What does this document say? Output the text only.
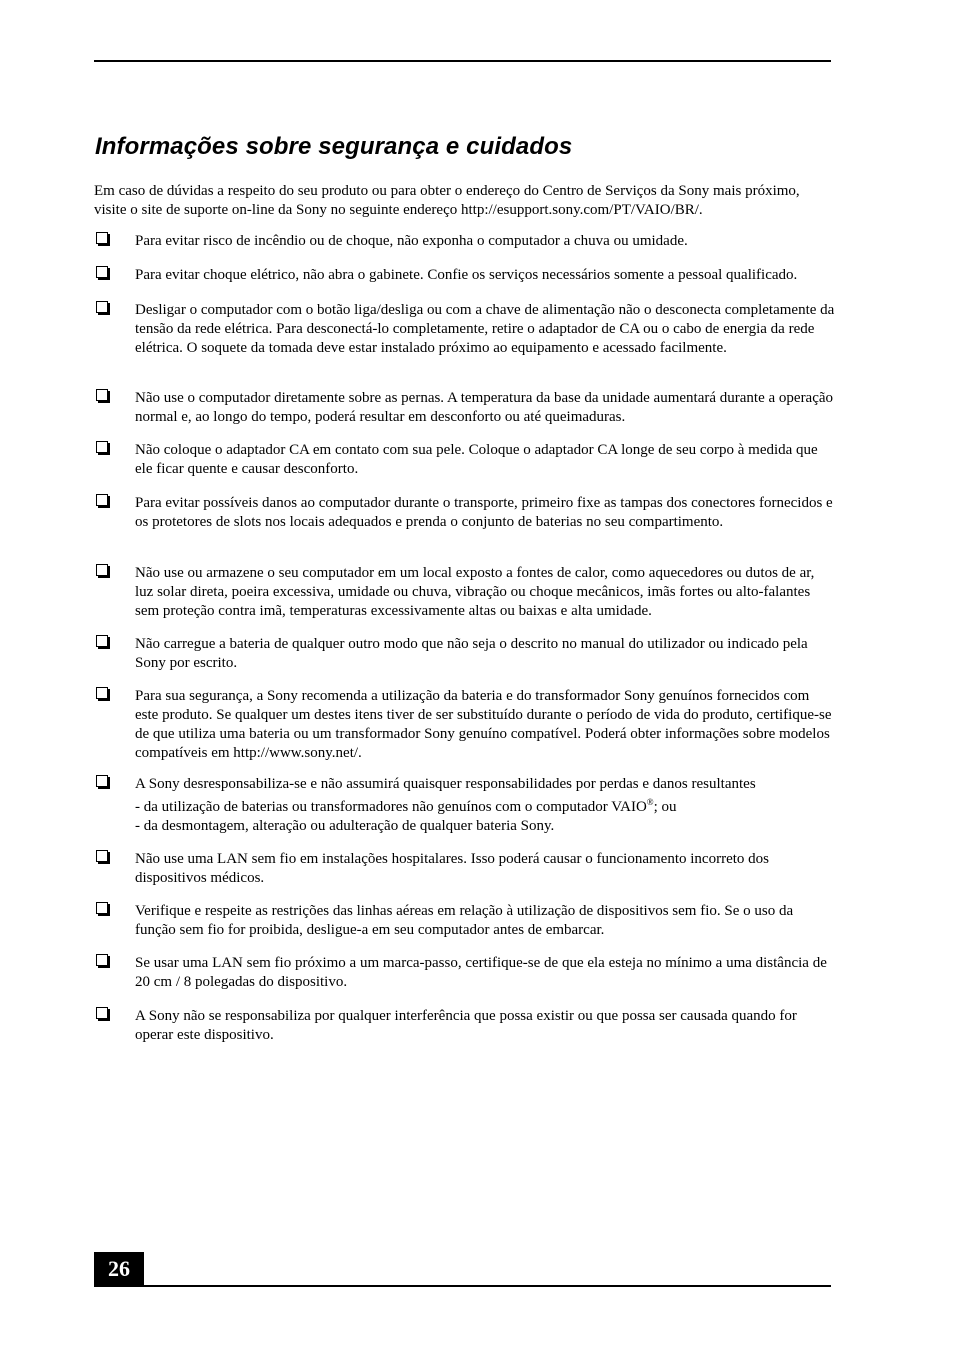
Informações sobre segurança e cuidados

Em caso de dúvidas a respeito do seu produto ou para obter o endereço do Centro de Serviços da Sony mais próximo, visite o site de suporte on-line da Sony no seguinte endereço http://esupport.sony.com/PT/VAIO/BR/.

Para evitar risco de incêndio ou de choque, não exponha o computador a chuva ou umidade.

Para evitar choque elétrico, não abra o gabinete. Confie os serviços necessários somente a pessoal qualificado.

Desligar o computador com o botão liga/desliga ou com a chave de alimentação não o desconecta completamente da tensão da rede elétrica. Para desconectá-lo completamente, retire o adaptador de CA ou o cabo de energia da rede elétrica. O soquete da tomada deve estar instalado próximo ao equipamento e acessado facilmente.

Não use o computador diretamente sobre as pernas. A temperatura da base da unidade aumentará durante a operação normal e, ao longo do tempo, poderá resultar em desconforto ou até queimaduras.

Não coloque o adaptador CA em contato com sua pele. Coloque o adaptador CA longe de seu corpo à medida que ele ficar quente e causar desconforto.

Para evitar possíveis danos ao computador durante o transporte, primeiro fixe as tampas dos conectores fornecidos e os protetores de slots nos locais adequados e prenda o conjunto de baterias no seu compartimento.

Não use ou armazene o seu computador em um local exposto a fontes de calor, como aquecedores ou dutos de ar, luz solar direta, poeira excessiva, umidade ou chuva, vibração ou choque mecânicos, imãs fortes ou alto-falantes sem proteção contra imã, temperaturas excessivamente altas ou baixas e alta umidade.

Não carregue a bateria de qualquer outro modo que não seja o descrito no manual do utilizador ou indicado pela Sony por escrito.

Para sua segurança, a Sony recomenda a utilização da bateria e do transformador Sony genuínos fornecidos com este produto. Se qualquer um destes itens tiver de ser substituído durante o período de vida do produto, certifique-se de que utiliza uma bateria ou um transformador Sony genuíno compatível. Poderá obter informações sobre modelos compatíveis em http://www.sony.net/.

A Sony desresponsabiliza-se e não assumirá quaisquer responsabilidades por perdas e danos resultantes
- da utilização de baterias ou transformadores não genuínos com o computador VAIO®; ou
- da desmontagem, alteração ou adulteração de qualquer bateria Sony.

Não use uma LAN sem fio em instalações hospitalares. Isso poderá causar o funcionamento incorreto dos dispositivos médicos.

Verifique e respeite as restrições das linhas aéreas em relação à utilização de dispositivos sem fio. Se o uso da função sem fio for proibida, desligue-a em seu computador antes de embarcar.

Se usar uma LAN sem fio próximo a um marca-passo, certifique-se de que ela esteja no mínimo a uma distância de 20 cm / 8 polegadas do dispositivo.

A Sony não se responsabiliza por qualquer interferência que possa existir ou que possa ser causada quando for operar este dispositivo.

26
